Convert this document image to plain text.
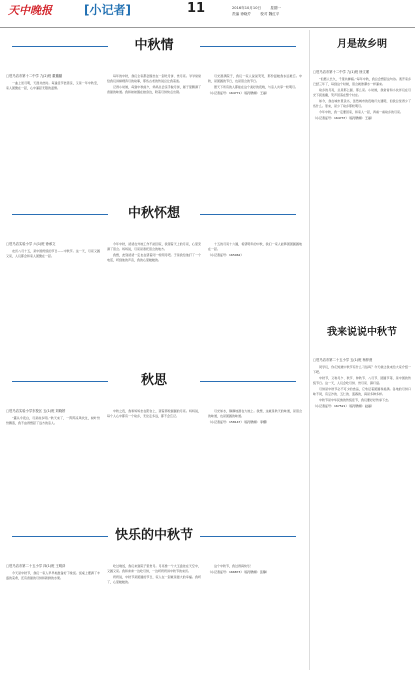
天中晚报	[小记者]	11	2016年10月10日	星期一
责编 徐晓芹	校对 魏红平
中秋情
□驻马店市第十二中学 九(2)班 董璐璐

一曲上弦月明，天涯共此时。每逢佳节倍思亲，又是一年中秋至，家人团聚在一起，心中涌起无限的温情。

每年的中秋，我们全家都会围坐在一起吃月饼、赏月亮。爷爷常常给我们讲嫦娥奔月的故事，那些古老的传说总让我着迷。

记得小时候，每到中秋前夕，妈妈总会亲手做月饼，屋子里飘满了香甜的味道。我和妹妹围在她身边，盼着月饼快点出锅。

月光洒满院子，我们一家人说说笑笑，那份温暖我永远难忘。中秋，是团圆的节日，也是思念的节日。

愿天下所有的人都能在这个美好的夜晚，与亲人共享一轮明月。

（小记者证号：164771）（指导教师：王丽）
中秋怀想
□驻马店实验小学 六(1)班 徐承文

农历八月十五，是中国传统的节日——中秋节。这一天，月亮又圆又亮，人们都会和家人团聚在一起。

今年中秋，爸爸在外地工作不能回家，我望着天上的月亮，心里充满了思念。妈妈说，月亮是寄托思念的地方。

我想，此刻爸爸一定也在望着同一轮明月吧。于是我给他打了一个电话，听到他的声音，我的心里暖暖的。

十五的月亮十六圆，希望明年的中秋，我们一家人能够团团圆圆地在一起。

（小记者证号：165062）
秋思
□驻马店实验小学东校区 五(1)班 刘晓婷

“露从今夜白，月是故乡明。”秋天来了，一阵阵凉风吹过，树叶纷纷飘落，我不由得想起了远方的亲人。

中秋之夜，我和妈妈坐在阳台上，望着那轮圆圆的月亮。妈妈说，每个人心中都有一个故乡，无论走多远，都不会忘记。

月光如水，静静地洒在大地上。我想，这就是秋天的味道，是思念的味道，也是团圆的味道。

（小记者证号：158147）（指导教师：李娜）
快乐的中秋节
□驻马店市第二十五小学 四(1)班 王明泽

今天是中秋节，我们一家人早早地准备好了晚饭。饭桌上摆满了丰盛的菜肴，还有香甜的月饼和新鲜的水果。

吃过晚饭，我们来到院子里赏月。月亮像一个大玉盘挂在天空中，又圆又亮。我和弟弟一边吃月饼，一边听奶奶讲中秋节的来历。

奶奶说，中秋节是团圆的节日，家人在一起就是最大的幸福。我听了，心里暖暖的。

这个中秋节，我过得真快乐！

（小记者证号：166873）（指导教师：张静）
月是故乡明
□驻马店市第十二中学 九(1)班 徐文瑾

“但愿人长久，千里共婵娟。”每年中秋，我总会想起这句诗。离开家乡已经三年了，每到这个时候，思念就像潮水一样涌来。

故乡的月亮，总是那么圆、那么亮。小时候，我常常和小伙伴们在月光下捉迷藏，笑声回荡在整个村庄。

如今，我在城市里读书，虽然城市的夜晚灯火通明，但我总觉得少了些什么。原来，是少了故乡那轮明月。

今年中秋，我一定要回家，和家人一起，再看一看故乡的月亮。

（小记者证号：164737）（指导教师：王丽）
我来说说中秋节
□驻马店市第二十五小学 五(1)班 杨梓萱

同学们，你们知道中秋节有什么习俗吗？今天就让我来给大家介绍一下吧。

中秋节，又称月夕、秋节、仲秋节、八月节、团圆节等，是中国的传统节日。这一天，人们会吃月饼、赏月亮、猜灯谜。

月饼是中秋节必不可少的食品，它象征着团圆和美满。各地的月饼口味不同，有豆沙的、五仁的、莲蓉的，真是多种多样。

中秋节是中华民族的传统佳节，我们要好好传承下去。

（小记者证号：167521）（指导教师：赵丽）
